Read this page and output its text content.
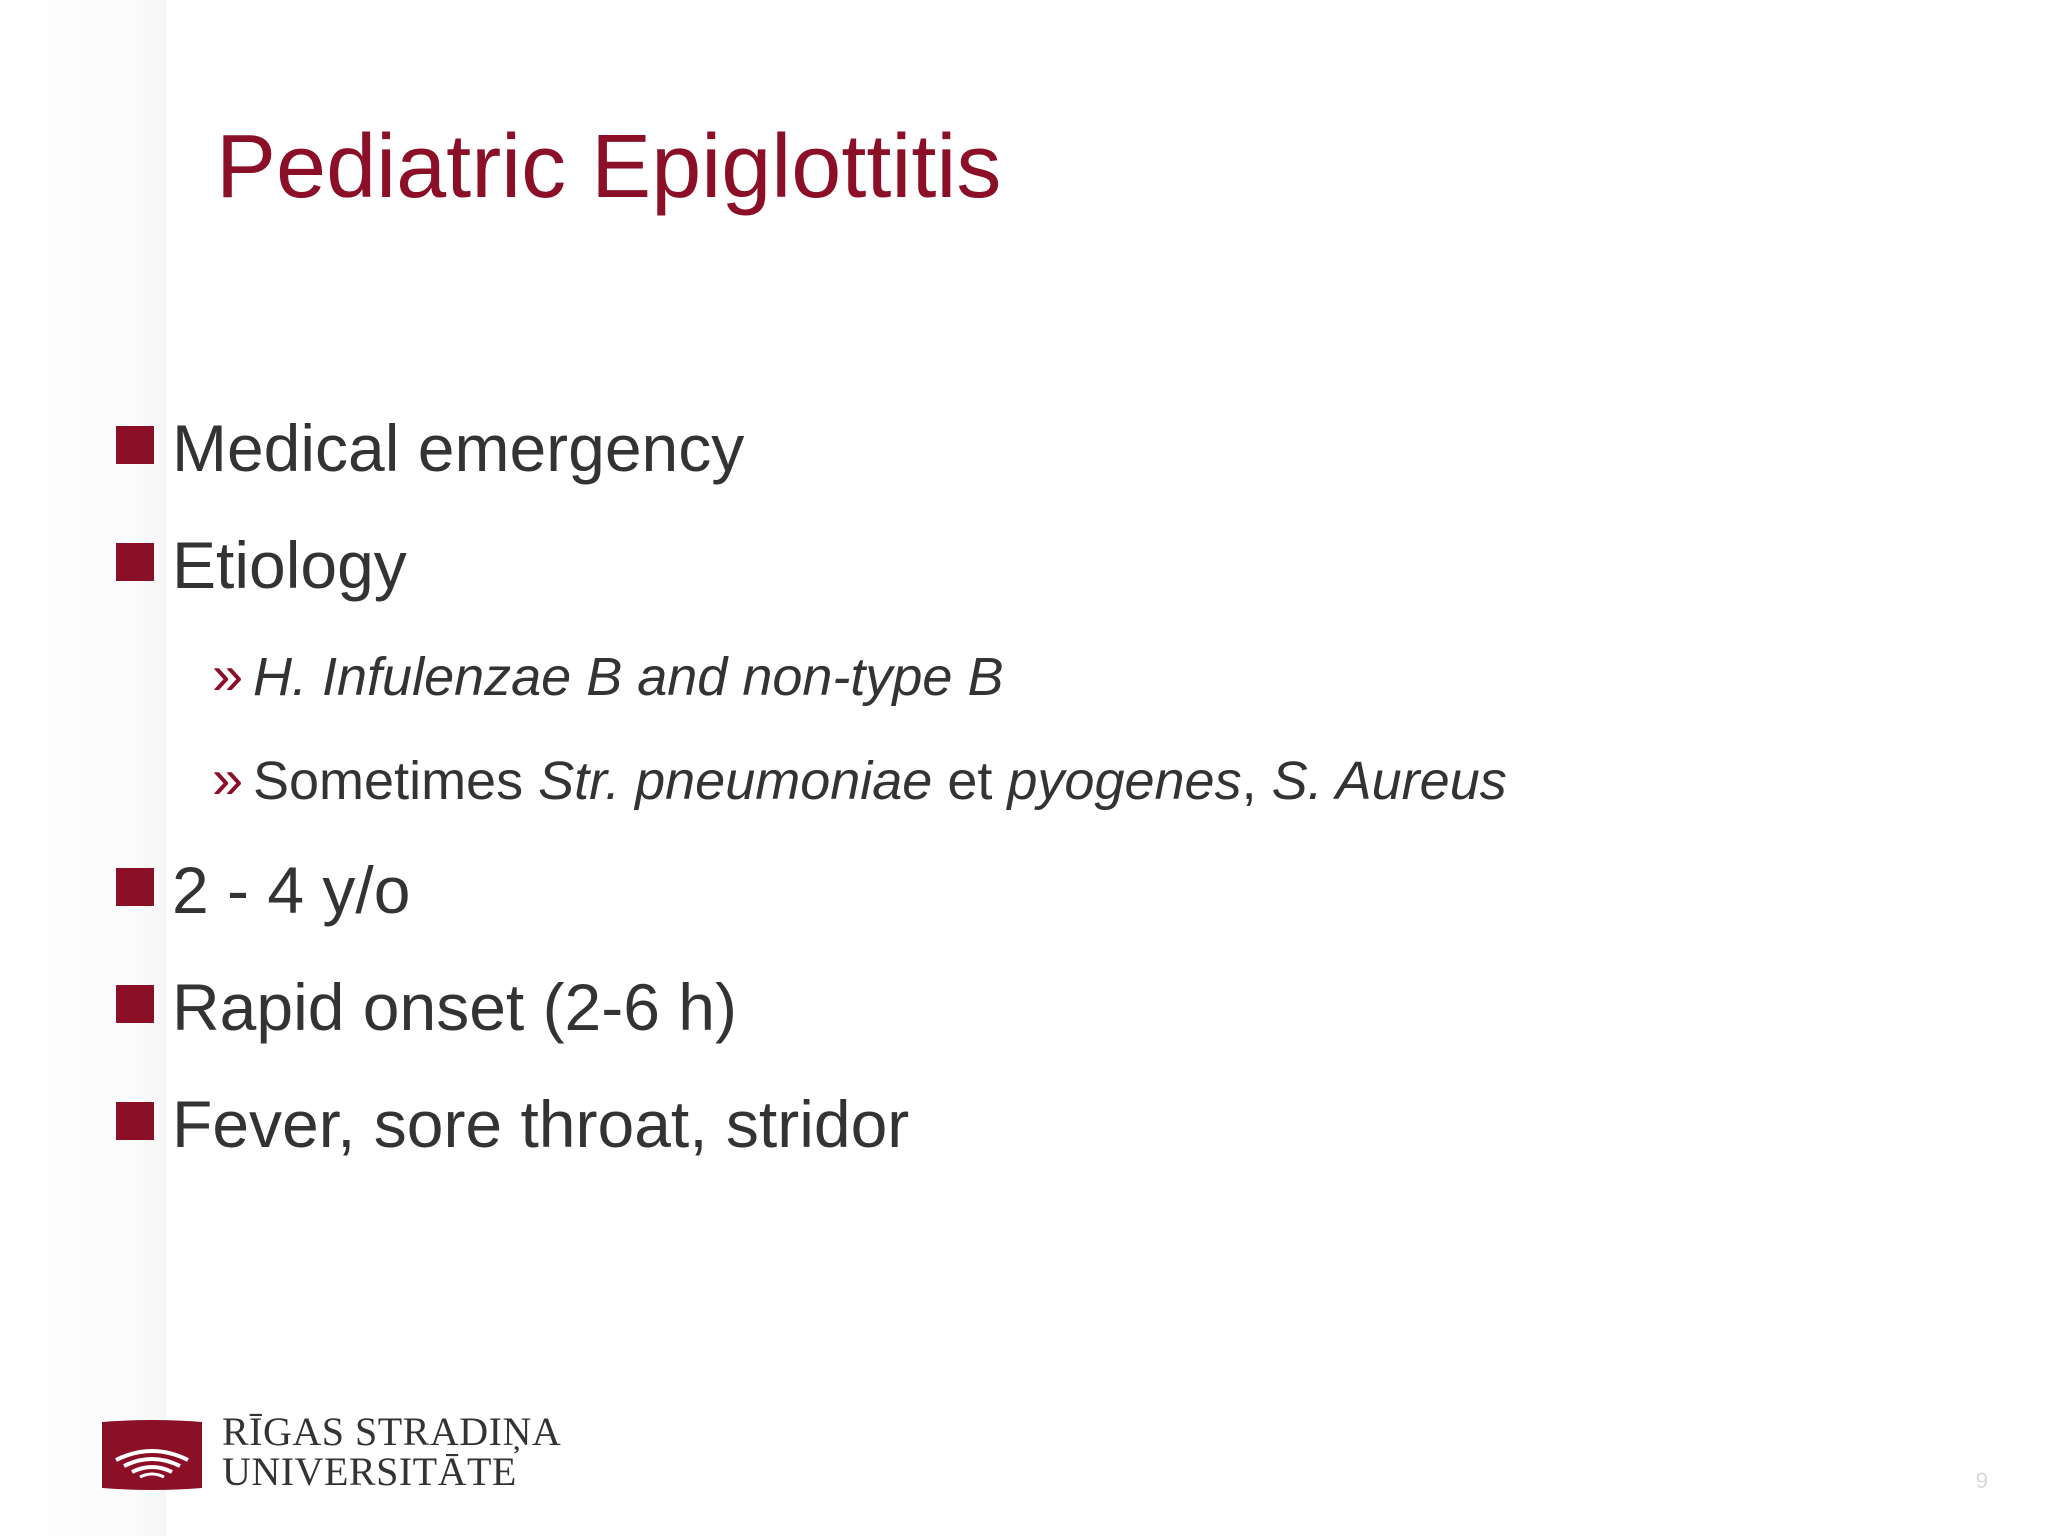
Pediatric Epiglottitis
Medical emergency
Etiology
» H. Infulenzae B and non-type B
» Sometimes Str. pneumoniae et pyogenes, S. Aureus
2 - 4 y/o
Rapid onset (2-6 h)
Fever, sore throat, stridor
RĪGAS STRADIŅA
UNIVERSITĀTE	9
